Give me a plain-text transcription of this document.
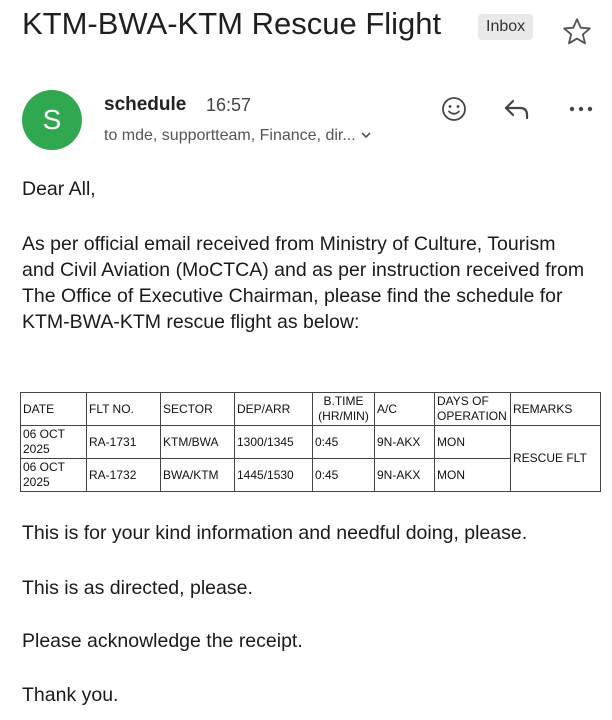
KTM-BWA-KTM Rescue Flight	Inbox
S	schedule 16:57
to mde, supportteam, Finance, dir...
Dear All,
As per official email received from Ministry of Culture, Tourism and Civil Aviation (MoCTCA) and as per instruction received from The Office of Executive Chairman, please find the schedule for KTM-BWA-KTM rescue flight as below:
DATE	FLT NO.	SECTOR	DEP/ARR	B.TIME (HR/MIN)	A/C	DAYS OF OPERATION	REMARKS
06 OCT 2025	RA-1731	KTM/BWA	1300/1345	0:45	9N-AKX	MON	RESCUE FLT
06 OCT 2025	RA-1732	BWA/KTM	1445/1530	0:45	9N-AKX	MON	
This is for your kind information and needful doing, please.
This is as directed, please.
Please acknowledge the receipt.
Thank you.
